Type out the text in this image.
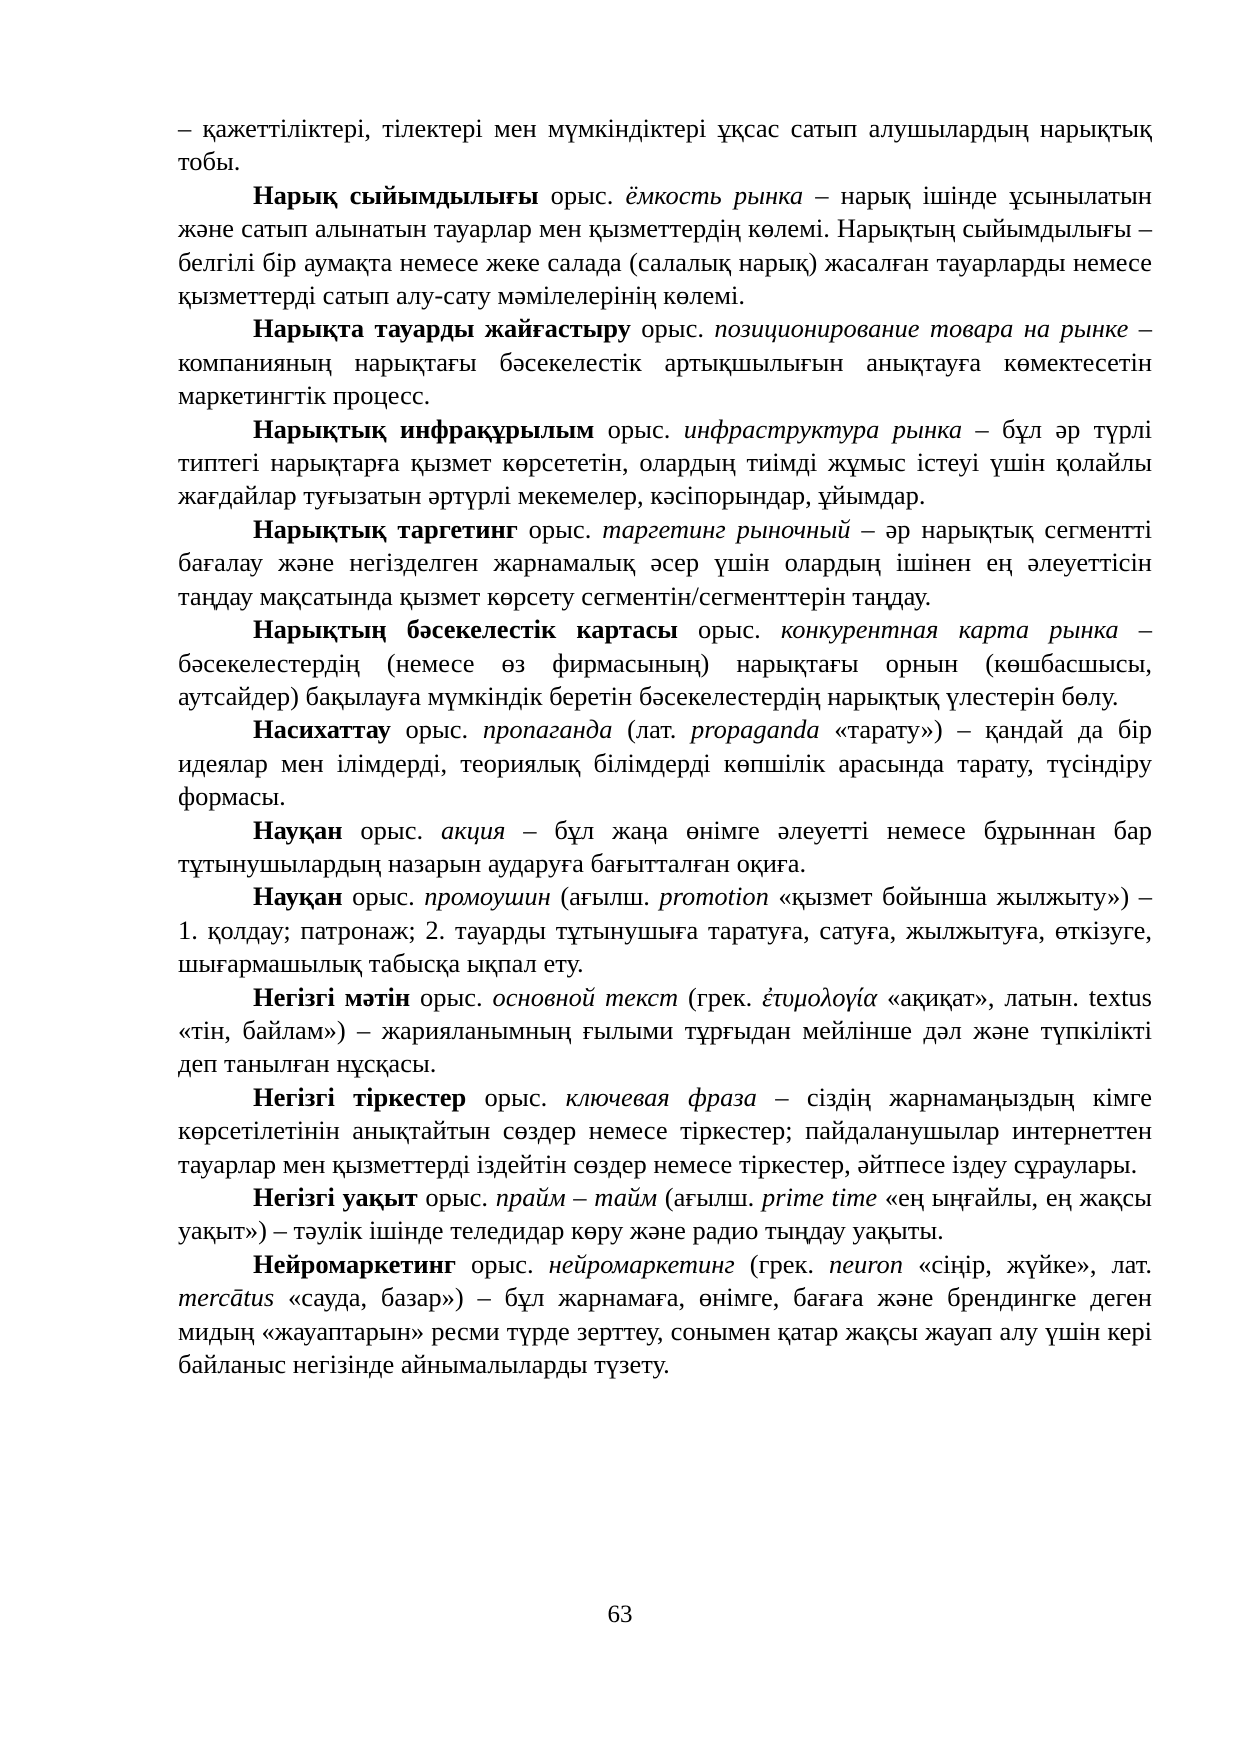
– қажеттіліктері, тілектері мен мүмкіндіктері ұқсас сатып алушылардың нарықтық тобы.

Нарық сыйымдылығы орыс. ёмкость рынка – нарық ішінде ұсынылатын және сатып алынатын тауарлар мен қызметтердің көлемі. Нарықтың сыйымдылығы – белгілі бір аумақта немесе жеке салада (салалық нарық) жасалған тауарларды немесе қызметтерді сатып алу-сату мәмілелерінің көлемі.

Нарықта тауарды жайғастыру орыс. позиционирование товара на рынке – компанияның нарықтағы бәсекелестік артықшылығын анықтауға көмектесетін маркетингтік процесс.

Нарықтық инфрақұрылым орыс. инфраструктура рынка – бұл әр түрлі типтегі нарықтарға қызмет көрсететін, олардың тиімді жұмыс істеуі үшін қолайлы жағдайлар туғызатын әртүрлі мекемелер, кәсіпорындар, ұйымдар.

Нарықтық таргетинг орыс. таргетинг рыночный – әр нарықтық сегментті бағалау және негізделген жарнамалық әсер үшін олардың ішінен ең әлеуеттісін таңдау мақсатында қызмет көрсету сегментін/сегменттерін таңдау.

Нарықтың бәсекелестік картасы орыс. конкурентная карта рынка – бәсекелестердің (немесе өз фирмасының) нарықтағы орнын (көшбасшысы, аутсайдер) бақылауға мүмкіндік беретін бәсекелестердің нарықтық үлестерін бөлу.

Насихаттау орыс. пропаганда (лат. propaganda «тарату») – қандай да бір идеялар мен ілімдерді, теориялық білімдерді көпшілік арасында тарату, түсіндіру формасы.

Науқан орыс. акция – бұл жаңа өнімге әлеуетті немесе бұрыннан бар тұтынушылардың назарын аударуға бағытталған оқиға.

Науқан орыс. промоушин (ағылш. promotion «қызмет бойынша жылжыту») – 1. қолдау; патронаж; 2. тауарды тұтынушыға таратуға, сатуға, жылжытуға, өткізуге, шығармашылық табысқа ықпал ету.

Негізгі мәтін орыс. основной текст (грек. ἐτυμολογία «ақиқат», латын. textus «тін, байлам») – жарияланымның ғылыми тұрғыдан мейлінше дәл және түпкілікті деп танылған нұсқасы.

Негізгі тіркестер орыс. ключевая фраза – сіздің жарнамаңыздың кімге көрсетілетінін анықтайтын сөздер немесе тіркестер; пайдаланушылар интернеттен тауарлар мен қызметтерді іздейтін сөздер немесе тіркестер, әйтпесе іздеу сұраулары.

Негізгі уақыт орыс. прайм – тайм (ағылш. prime time «ең ыңғайлы, ең жақсы уақыт») – тәулік ішінде теледидар көру және радио тыңдау уақыты.

Нейромаркетинг орыс. нейромаркетинг (грек. neuron «сіңір, жүйке», лат. mercātus «сауда, базар») – бұл жарнамаға, өнімге, бағаға және брендингке деген мидың «жауаптарын» ресми түрде зерттеу, сонымен қатар жақсы жауап алу үшін кері байланыс негізінде айнымалыларды түзету.

63
